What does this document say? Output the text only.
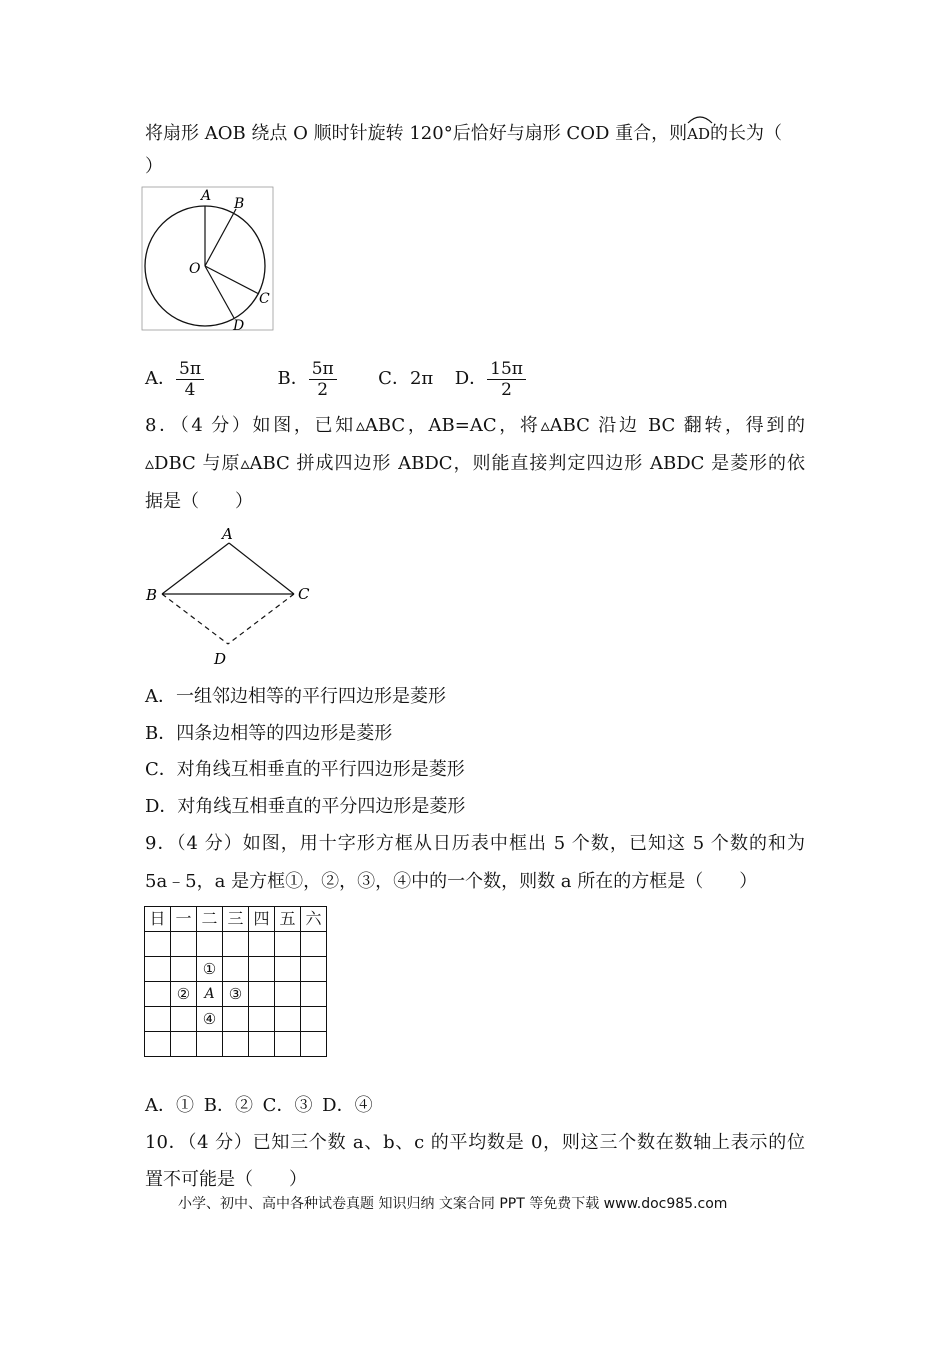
将扇形 AOB 绕点 O 顺时针旋转 120°后恰好与扇形 COD 重合，则
AD的长为（
）
A B
O
C
D
A． $\frac{5\pi}{4}$	B． $\frac{5\pi}{2}$ C．2π D． $\frac{15\pi}{2}$
8．（4 分）如图，已知▵ABC，AB=AC，将▵ABC 沿边 BC 翻转，得到的
▵DBC 与原▵ABC 拼成四边形 ABDC，则能直接判定四边形 ABDC 是菱形的依
据是（　　）
A
B	C
D
A．一组邻边相等的平行四边形是菱形
B．四条边相等的四边形是菱形
C．对角线互相垂直的平行四边形是菱形
D．对角线互相垂直的平分四边形是菱形
9．（4 分）如图，用十字形方框从日历表中框出 5 个数，已知这 5 个数的和为
5a﹣5，a 是方框①，②，③，④中的一个数，则数 a 所在的方框是（　　）
日	一	二	三	四	五	六

		①				
	②	A	③			
		④				

A．① B．② C．③ D．④
10．（4 分）已知三个数 a、b、c 的平均数是 0，则这三个数在数轴上表示的位
置不可能是（　　）
小学、初中、高中各种试卷真题 知识归纳 文案合同 PPT 等免费下载 www.doc985.com
